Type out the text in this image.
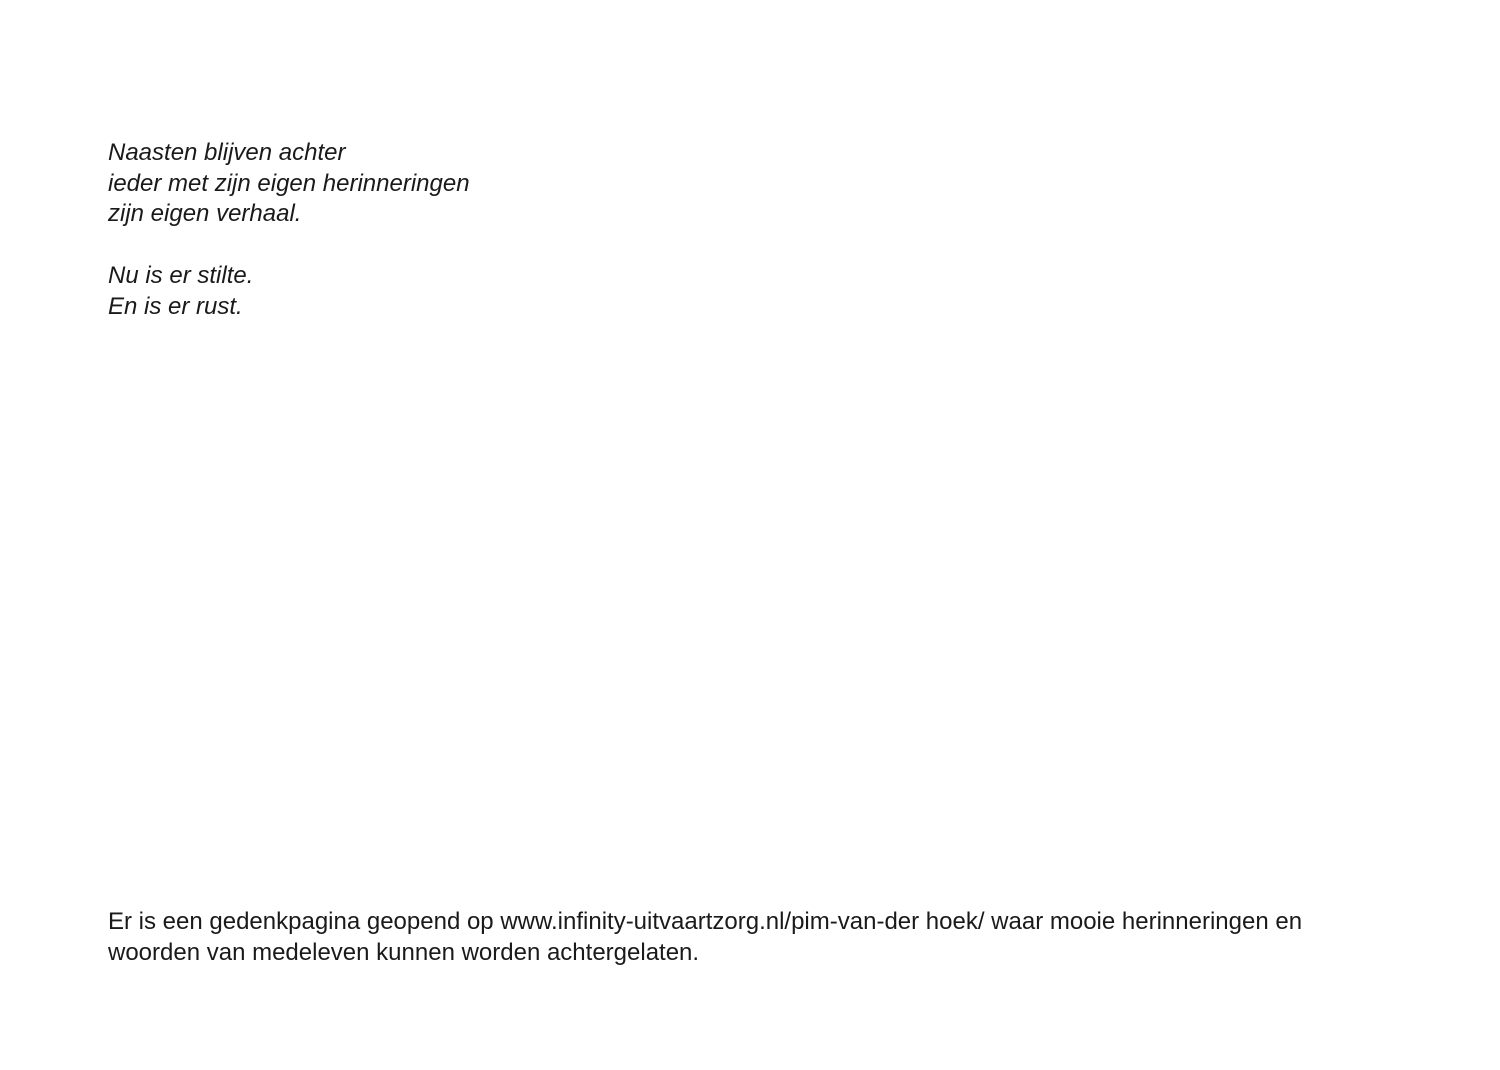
Naasten blijven achter
ieder met zijn eigen herinneringen
zijn eigen verhaal.
Nu is er stilte.
En is er rust.

Er is een gedenkpagina geopend op www.infinity-uitvaartzorg.nl/pim-van-der hoek/ waar mooie herinneringen en
woorden van medeleven kunnen worden achtergelaten.
